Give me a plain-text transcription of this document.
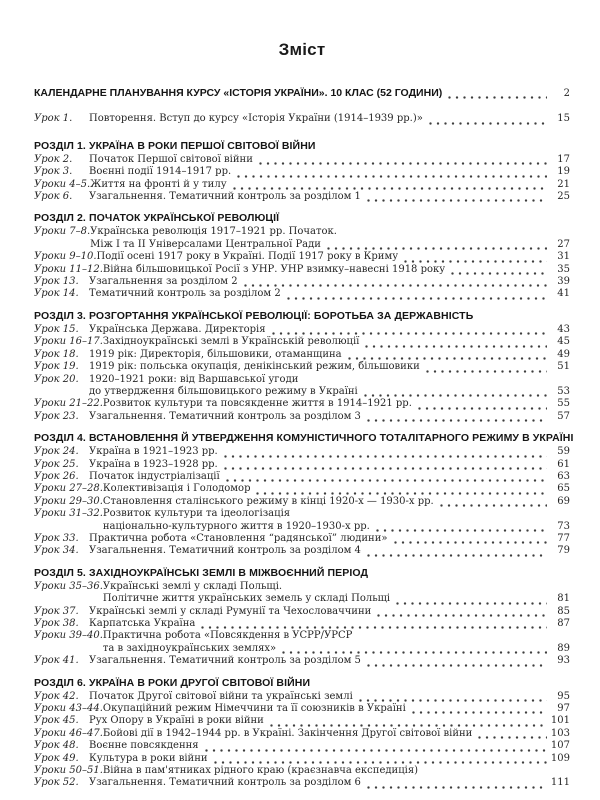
Зміст
КАЛЕНДАРНЕ ПЛАНУВАННЯ КУРСУ «ІСТОРІЯ УКРАЇНИ». 10 КЛАС (52 ГОДИНИ)	2
Урок 1.	Повторення. Вступ до курсу «Історія України (1914–1939 рр.)»	15
РОЗДІЛ 1. УКРАЇНА В РОКИ ПЕРШОЇ СВІТОВОЇ ВІЙНИ
Урок 2.	Початок Першої світової війни	17
Урок 3.	Воєнні події 1914–1917 рр.	19
Уроки 4–5. Життя на фронті й у тилу	21
Урок 6.	Узагальнення. Тематичний контроль за розділом 1	25
РОЗДІЛ 2. ПОЧАТОК УКРАЇНСЬКОЇ РЕВОЛЮЦІЇ
Уроки 7–8. Українська революція 1917–1921 рр. Початок.
Між І та ІІ Універсалами Центральної Ради	27
Уроки 9–10. Події осені 1917 року в Україні. Події 1917 року в Криму	31
Уроки 11–12. Війна більшовицької Росії з УНР. УНР взимку–навесні 1918 року	35
Урок 13.	Узагальнення за розділом 2	39
Урок 14.	Тематичний контроль за розділом 2	41
РОЗДІЛ 3. РОЗГОРТАННЯ УКРАЇНСЬКОЇ РЕВОЛЮЦІЇ: БОРОТЬБА ЗА ДЕРЖАВНІСТЬ
Урок 15.	Українська Держава. Директорія	43
Уроки 16–17. Західноукраїнські землі в Українській революції	45
Урок 18.	1919 рік: Директорія, більшовики, отаманщина	49
Урок 19.	1919 рік: польська окупація, денікінський режим, більшовики	51
Урок 20.	1920–1921 роки: від Варшавської угоди
до утвердження більшовицького режиму в Україні	53
Уроки 21–22. Розвиток культури та повсякденне життя в 1914–1921 рр.	55
Урок 23.	Узагальнення. Тематичний контроль за розділом 3	57
РОЗДІЛ 4. ВСТАНОВЛЕННЯ Й УТВЕРДЖЕННЯ КОМУНІСТИЧНОГО ТОТАЛІТАРНОГО РЕЖИМУ В УКРАЇНІ
Урок 24.	Україна в 1921–1923 рр.	59
Урок 25.	Україна в 1923–1928 рр.	61
Урок 26.	Початок індустріалізації	63
Уроки 27–28. Колективізація і Голодомор	65
Уроки 29–30. Становлення сталінського режиму в кінці 1920-х — 1930-х рр.	69
Уроки 31–32. Розвиток культури та ідеологізація
національно-культурного життя в 1920–1930-х рр.	73
Урок 33.	Практична робота «Становлення “радянської” людини»	77
Урок 34.	Узагальнення. Тематичний контроль за розділом 4	79
РОЗДІЛ 5. ЗАХІДНОУКРАЇНСЬКІ ЗЕМЛІ В МІЖВОЄННИЙ ПЕРІОД
Уроки 35–36. Українські землі у складі Польщі.
Політичне життя українських земель у складі Польщі	81
Урок 37.	Українські землі у складі Румунії та Чехословаччини	85
Урок 38.	Карпатська Україна	87
Уроки 39–40. Практична робота «Повсякдення в УСРР/УРСР
та в західноукраїнських землях»	89
Урок 41.	Узагальнення. Тематичний контроль за розділом 5	93
РОЗДІЛ 6. УКРАЇНА В РОКИ ДРУГОЇ СВІТОВОЇ ВІЙНИ
Урок 42.	Початок Другої світової війни та українські землі	95
Уроки 43–44. Окупаційний режим Німеччини та її союзників в Україні	97
Урок 45.	Рух Опору в Україні в роки війни	101
Уроки 46–47. Бойові дії в 1942–1944 рр. в Україні. Закінчення Другої світової війни	103
Урок 48.	Воєнне повсякдення	107
Урок 49.	Культура в роки війни	109
Уроки 50–51. Війна в пам'ятниках рідного краю (краєзнавча експедиція)
Урок 52.	Узагальнення. Тематичний контроль за розділом 6	111
